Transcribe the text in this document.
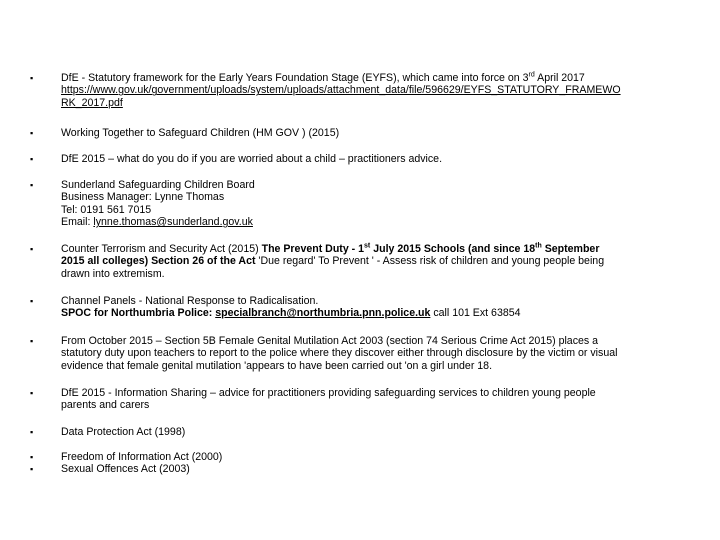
▪	DfE - Statutory framework for the Early Years Foundation Stage (EYFS), which came into force on 3rd April 2017
https://www.gov.uk/government/uploads/system/uploads/attachment_data/file/596629/EYFS_STATUTORY_FRAMEWO
RK_2017.pdf
▪	Working Together to Safeguard Children (HM GOV ) (2015)
▪	DfE 2015 – what do you do if you are worried about a child – practitioners advice.
▪	Sunderland Safeguarding Children Board
Business Manager: Lynne Thomas
Tel: 0191 561 7015
Email: lynne.thomas@sunderland.gov.uk
▪	Counter Terrorism and Security Act (2015) The Prevent Duty - 1st July 2015 Schools (and since 18th September
2015 all colleges) Section 26 of the Act 'Due regard' To Prevent ' - Assess risk of children and young people being
drawn into extremism.
▪	Channel Panels - National Response to Radicalisation.
SPOC for Northumbria Police: specialbranch@northumbria.pnn.police.uk call 101 Ext 63854
▪	From October 2015 – Section 5B Female Genital Mutilation Act 2003 (section 74 Serious Crime Act 2015) places a
statutory duty upon teachers to report to the police where they discover either through disclosure by the victim or visual
evidence that female genital mutilation 'appears to have been carried out 'on a girl under 18.
▪	DfE 2015 - Information Sharing – advice for practitioners providing safeguarding services to children young people
parents and carers
▪	Data Protection Act (1998)
▪	Freedom of Information Act (2000)
▪	Sexual Offences Act (2003)
